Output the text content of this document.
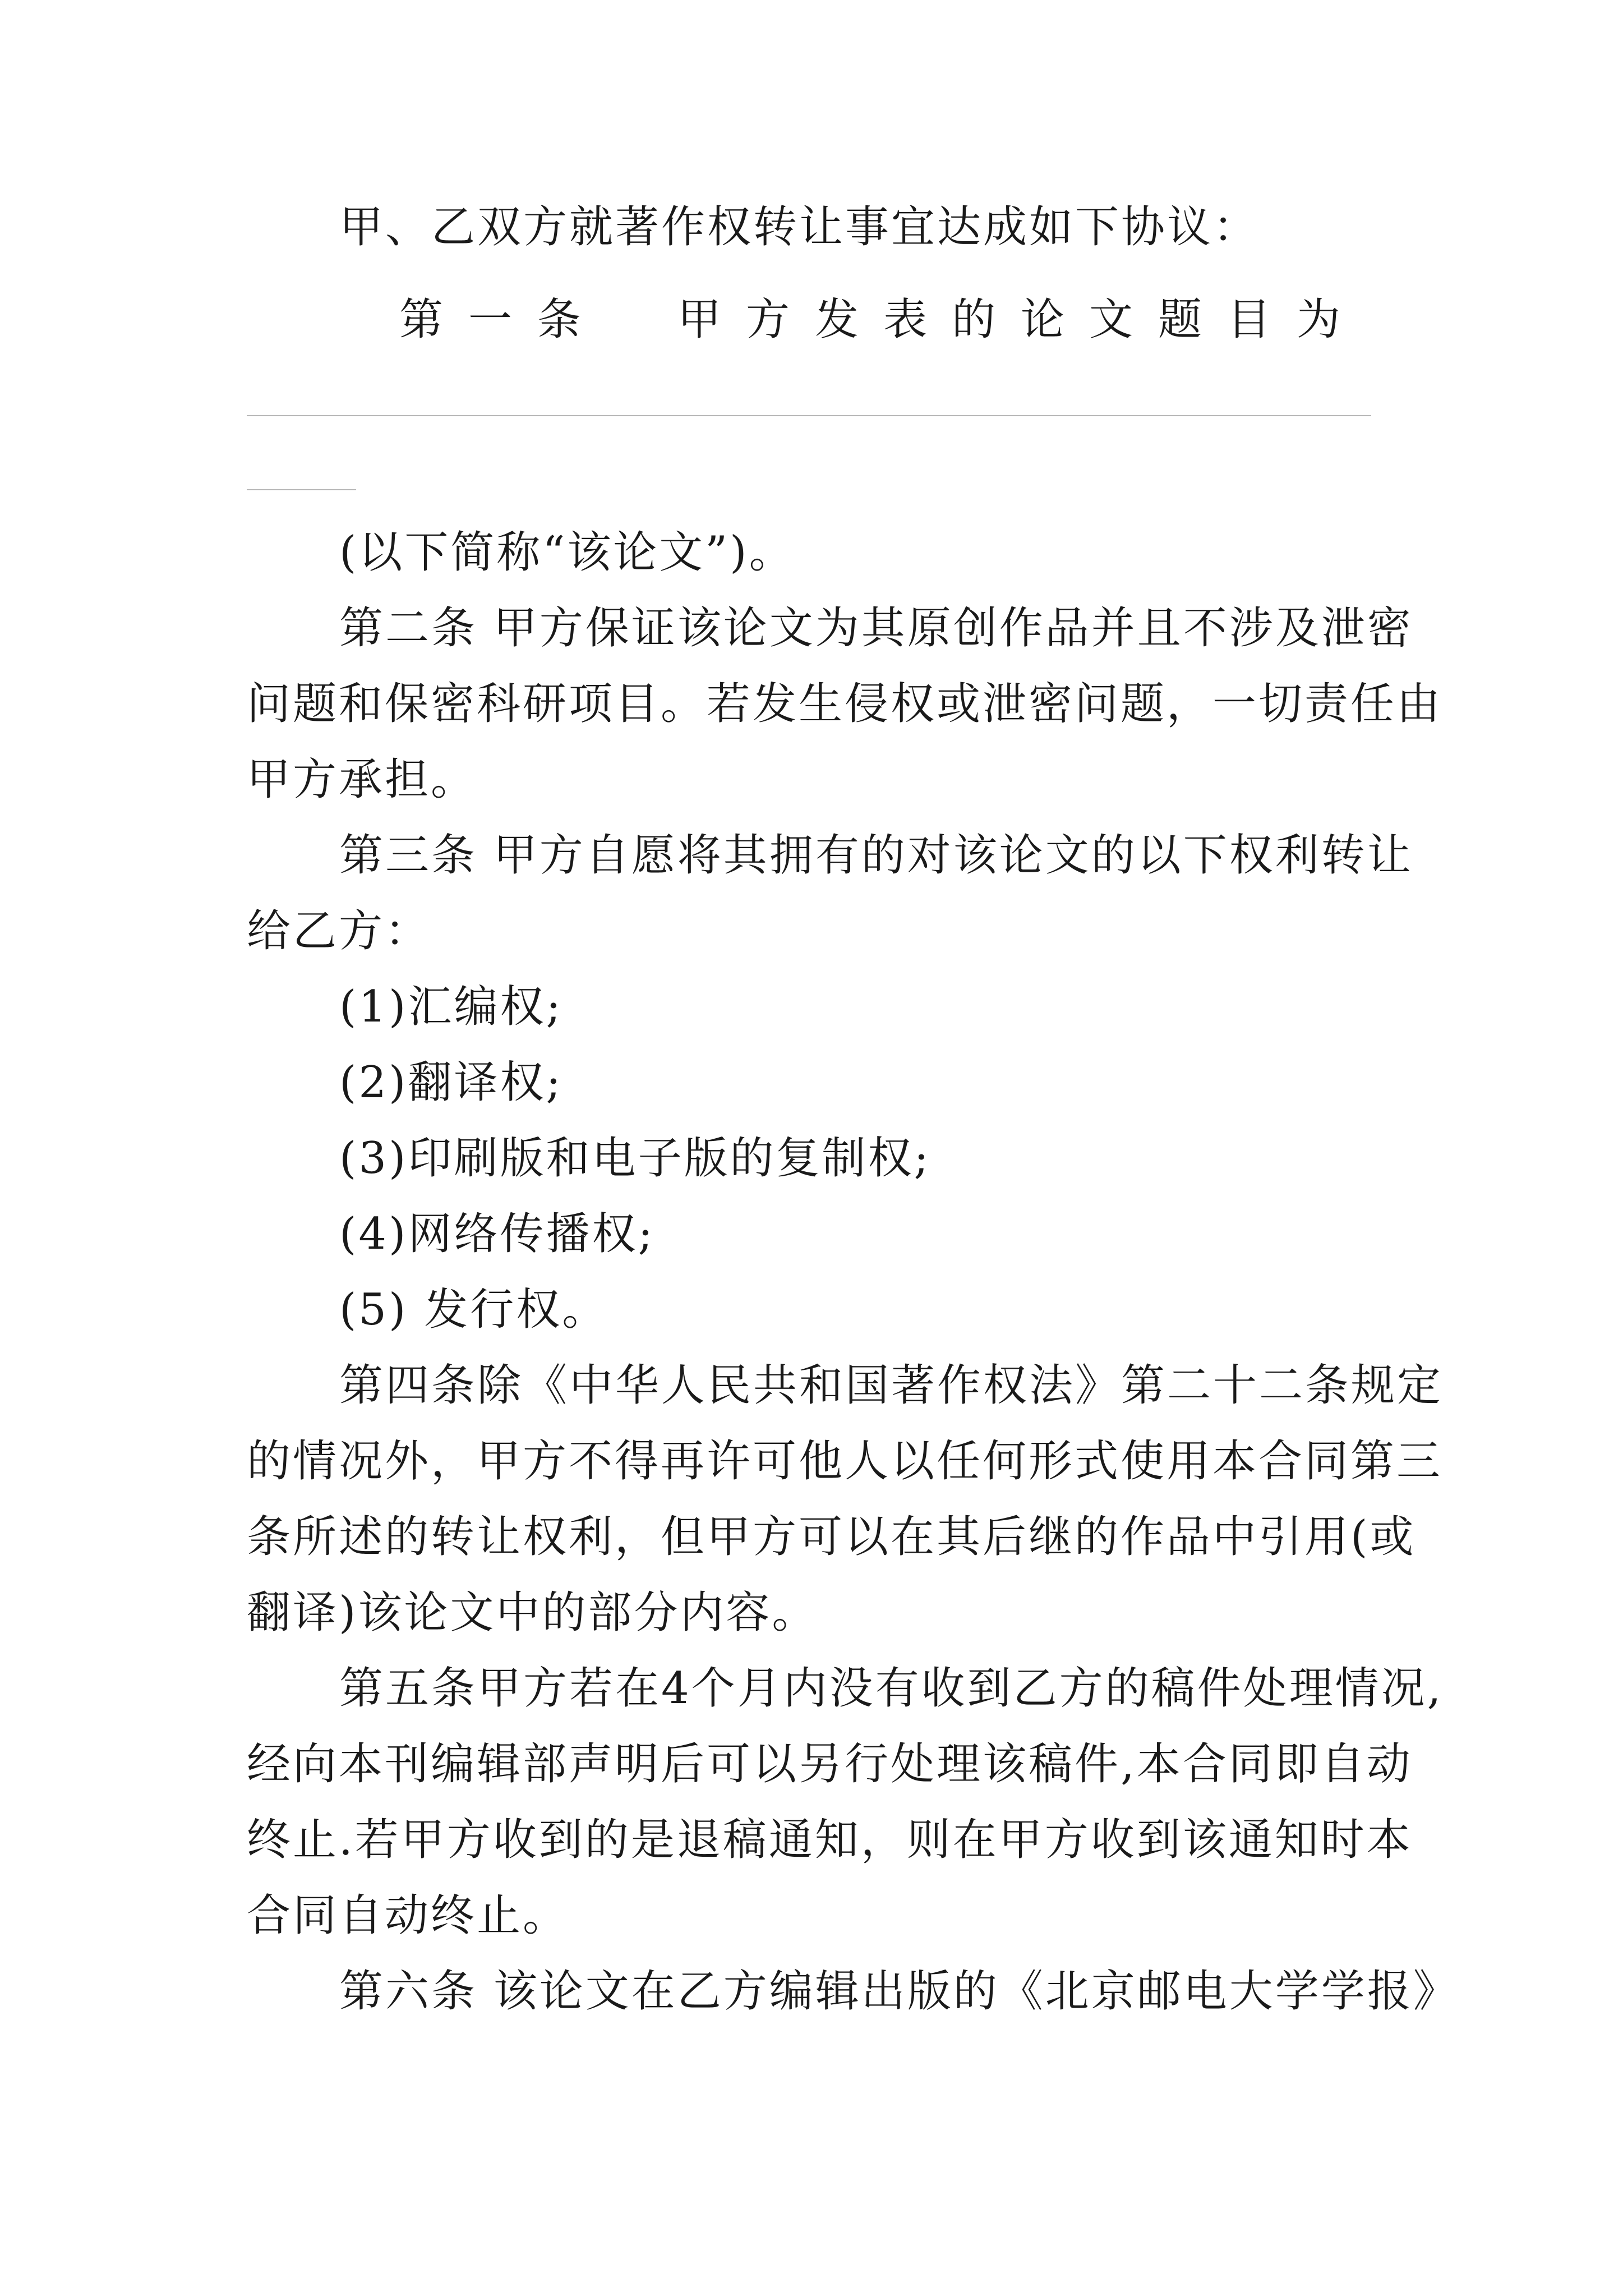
甲、乙双方就著作权转让事宜达成如下协议：
第 一 条 甲 方 发 表 的 论 文 题 目 为
(以下简称“该论文”)。
第二条 甲方保证该论文为其原创作品并且不涉及泄密
问题和保密科研项目。若发生侵权或泄密问题，一切责任由
甲方承担。
第三条 甲方自愿将其拥有的对该论文的以下权利转让
给乙方：
(1)汇编权;
(2)翻译权;
(3)印刷版和电子版的复制权;
(4)网络传播权;
(5) 发行权。
第四条除《中华人民共和国著作权法》第二十二条规定
的情况外，甲方不得再许可他人以任何形式使用本合同第三
条所述的转让权利，但甲方可以在其后继的作品中引用(或
翻译)该论文中的部分内容。
第五条甲方若在4个月内没有收到乙方的稿件处理情况,
经向本刊编辑部声明后可以另行处理该稿件,本合同即自动
终止.若甲方收到的是退稿通知，则在甲方收到该通知时本
合同自动终止。
第六条 该论文在乙方编辑出版的《北京邮电大学学报》
